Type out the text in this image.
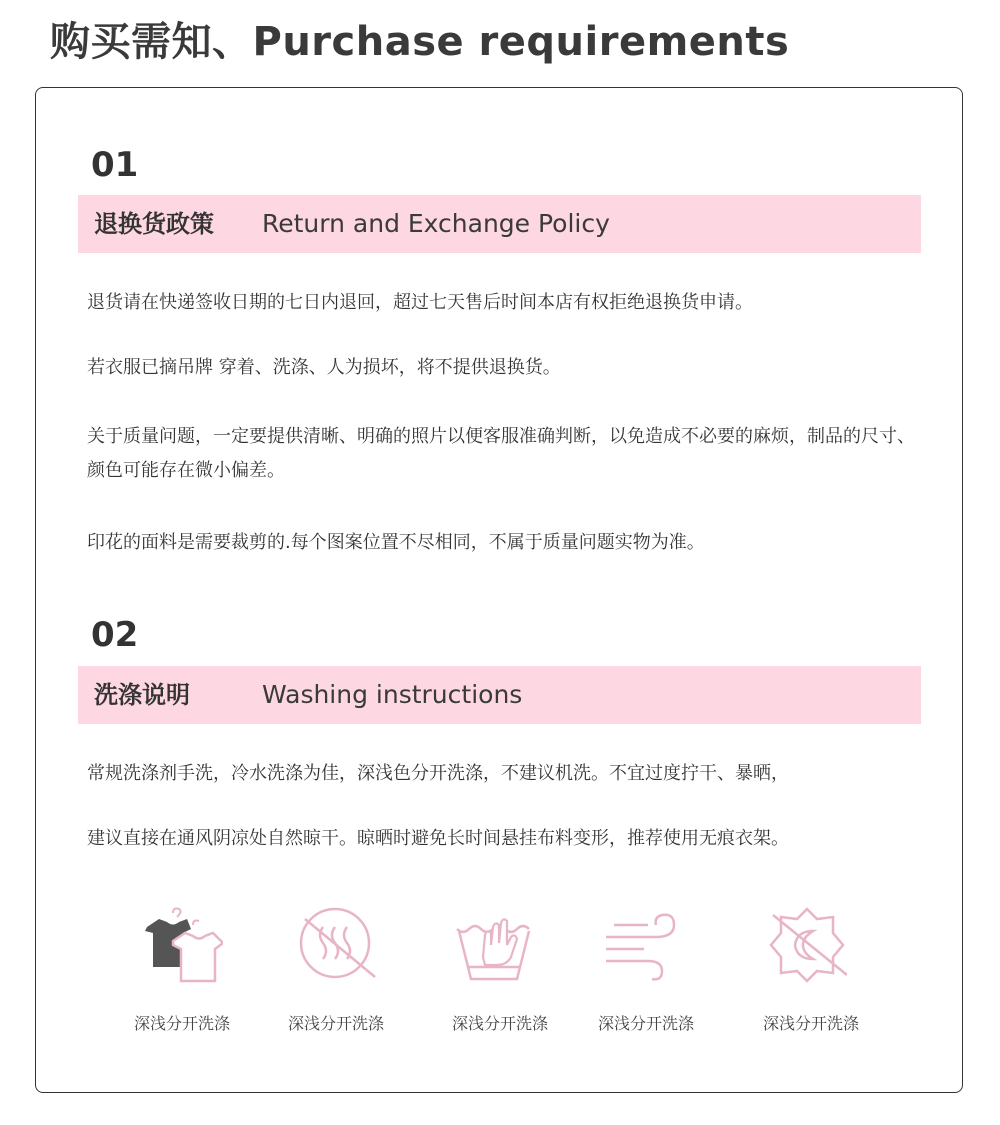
购买需知、Purchase requirements
01
退换货政策 Return and Exchange Policy

退货请在快递签收日期的七日内退回，超过七天售后时间本店有权拒绝退换货申请。

若衣服已摘吊牌 穿着、洗涤、人为损坏，将不提供退换货。

关于质量问题，一定要提供清晰、明确的照片以便客服准确判断，以免造成不必要的麻烦，制品的尺寸、颜色可能存在微小偏差。

印花的面料是需要裁剪的.每个图案位置不尽相同，不属于质量问题实物为准。

02
洗涤说明	Washing instructions

常规洗涤剂手洗，冷水洗涤为佳，深浅色分开洗涤，不建议机洗。不宜过度拧干、暴晒，

建议直接在通风阴凉处自然晾干。晾晒时避免长时间悬挂布料变形，推荐使用无痕衣架。

深浅分开洗涤	深浅分开洗涤	深浅分开洗涤	深浅分开洗涤	深浅分开洗涤
